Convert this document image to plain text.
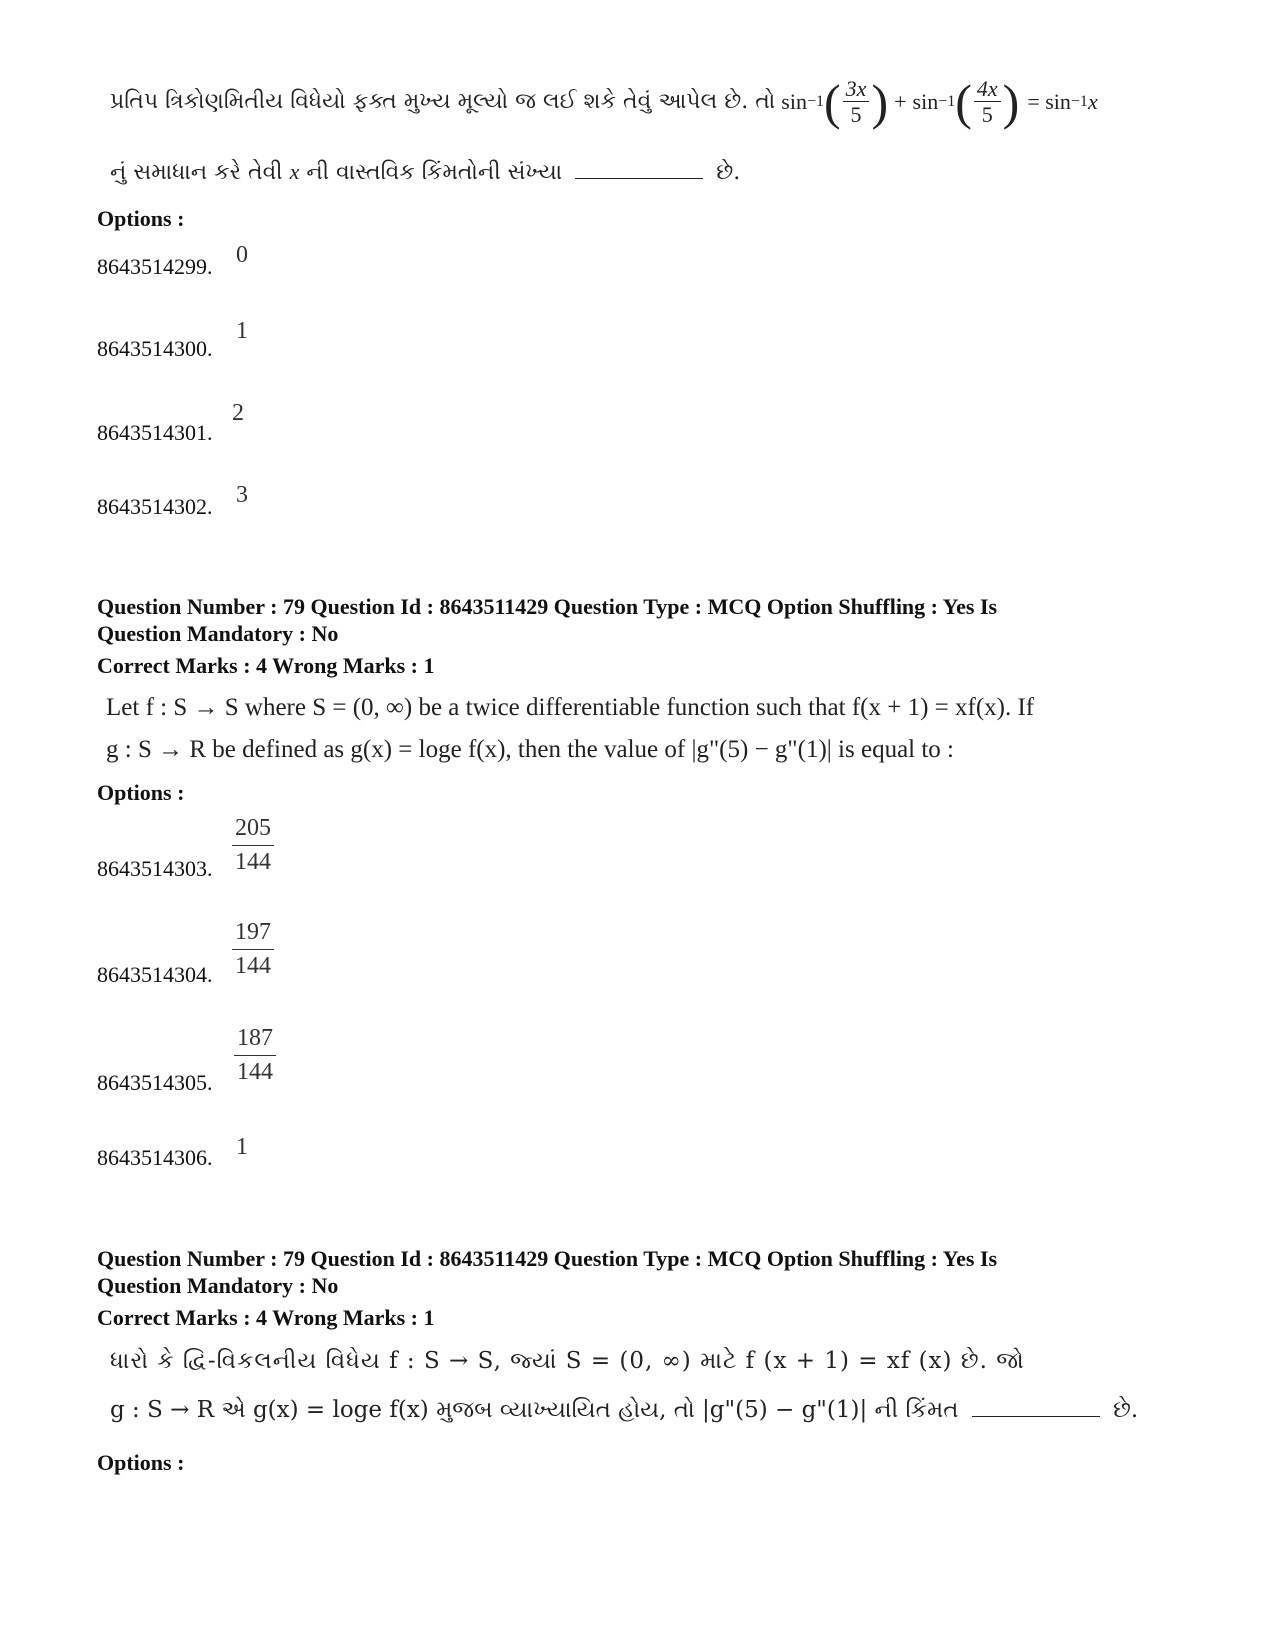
પ્રતિપ ત્રિકોણમિતીય વિધેયો ફક્ત મુખ્ય મૂલ્યો જ લઈ શકે તેવું આપેલ છે. તો sin −1 ( $\frac{3x}{5}$ ) + sin −1 ( $\frac{4x}{5}$ ) = sin −1 x
નું સમાધાન કરે તેવી x ની વાસ્તવિક કિંમતોની સંખ્યા	છે.
Options :
8643514299. 0
8643514300.
1
8643514301.
2
8643514302. 3
Question Number : 79 Question Id : 8643511429 Question Type : MCQ Option Shuffling : Yes Is
Question Mandatory : No
Correct Marks : 4 Wrong Marks : 1
Let f : S → S where S = (0, ∞) be a twice differentiable function such that f(x + 1) = xf(x). If
g : S → R be defined as g(x) = loge f(x), then the value of |g"(5) − g"(1)| is equal to :
Options :
8643514303. $\frac{205}{144}$
8643514304. $\frac{197}{144}$
8643514305. $\frac{187}{144}$
8643514306. 1
Question Number : 79 Question Id : 8643511429 Question Type : MCQ Option Shuffling : Yes Is
Question Mandatory : No
Correct Marks : 4 Wrong Marks : 1
ધારો કે દ્વિ-વિકલનીય વિધેય f : S → S, જ્યાં S = (0, ∞) માટે f (x + 1) = xf (x) છે. જો
g : S → R એ g(x) = loge f(x) મુજબ વ્યાખ્યાયિત હોય, તો |g"(5) − g"(1)| ની કિંમત	છે.
Options :
